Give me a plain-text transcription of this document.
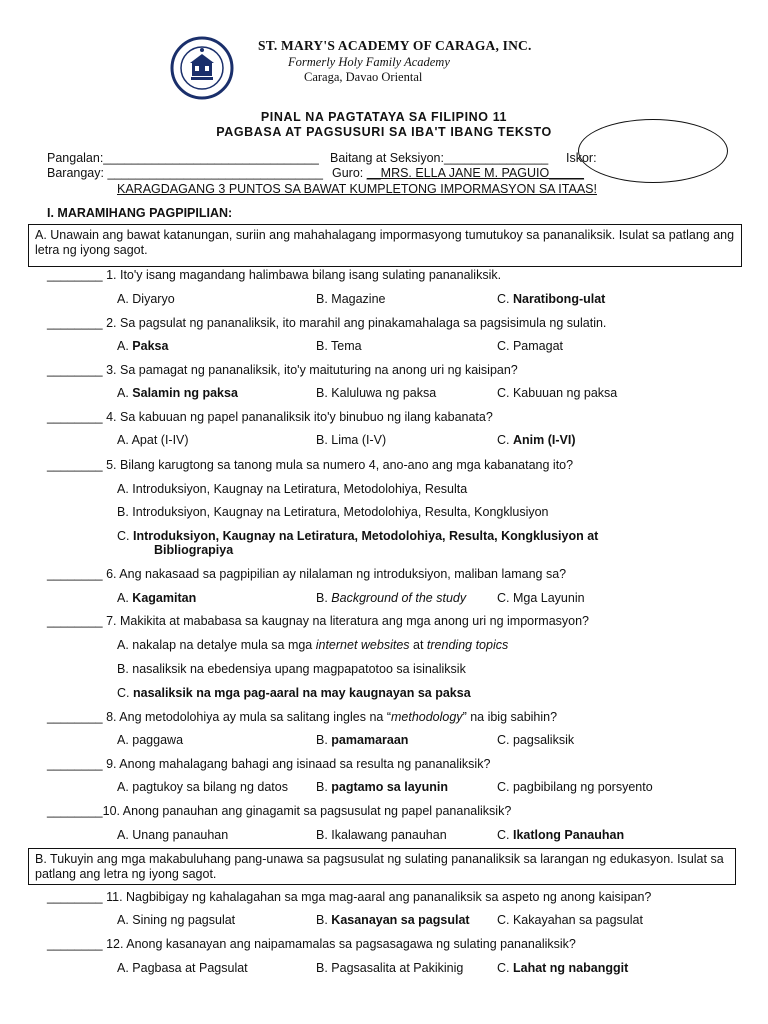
ST. MARY'S ACADEMY OF CARAGA, INC.
Formerly Holy Family Academy
Caraga, Davao Oriental
PINAL NA PAGTATAYA SA FILIPINO 11
PAGBASA AT PAGSUSURI SA IBA'T IBANG TEKSTO
Pangalan:_______________________________ Baitang at Seksiyon:_______________ Iskor:
Barangay: _______________________________ Guro: __MRS. ELLA JANE M. PAGUIO_____
KARAGDAGANG 3 PUNTOS SA BAWAT KUMPLETONG IMPORMASYON SA ITAAS!
I. MARAMIHANG PAGPIPILIAN:
A. Unawain ang bawat katanungan, suriin ang mahahalagang impormasyong tumutukoy sa pananaliksik. Isulat sa patlang ang letra ng iyong sagot.
________ 1. Ito'y isang magandang halimbawa bilang isang sulating pananaliksik.
A. Diyaryo	B. Magazine	C. Naratibong-ulat
________ 2. Sa pagsulat ng pananaliksik, ito marahil ang pinakamahalaga sa pagsisimula ng sulatin.
A. Paksa	B. Tema	C. Pamagat
________ 3. Sa pamagat ng pananaliksik, ito'y maituturing na anong uri ng kaisipan?
A. Salamin ng paksa	B. Kaluluwa ng paksa	C. Kabuuan ng paksa
________ 4. Sa kabuuan ng papel pananaliksik ito'y binubuo ng ilang kabanata?
A. Apat (I-IV)	B. Lima (I-V)	C. Anim (I-VI)
________ 5. Bilang karugtong sa tanong mula sa numero 4, ano-ano ang mga kabanatang ito?
A. Introduksiyon, Kaugnay na Letiratura, Metodolohiya, Resulta
B. Introduksiyon, Kaugnay na Letiratura, Metodolohiya, Resulta, Kongklusiyon
C. Introduksiyon, Kaugnay na Letiratura, Metodolohiya, Resulta, Kongklusiyon at
Bibliograpiya
________ 6. Ang nakasaad sa pagpipilian ay nilalaman ng introduksiyon, maliban lamang sa?
A. Kagamitan	B. Background of the study C. Mga Layunin
________ 7. Makikita at mababasa sa kaugnay na literatura ang mga anong uri ng impormasyon?
A. nakalap na detalye mula sa mga internet websites at trending topics
B. nasaliksik na ebedensiya upang magpapatotoo sa isinaliksik
C. nasaliksik na mga pag-aaral na may kaugnayan sa paksa
________ 8. Ang metodolohiya ay mula sa salitang ingles na “methodology” na ibig sabihin?
A. paggawa	B. pamamaraan	C. pagsaliksik
________ 9. Anong mahalagang bahagi ang isinaad sa resulta ng pananaliksik?
A. pagtukoy sa bilang ng datos B. pagtamo sa layunin	C. pagbibilang ng porsyento
________10. Anong panauhan ang ginagamit sa pagsusulat ng papel pananaliksik?
A. Unang panauhan	B. Ikalawang panauhan	C. Ikatlong Panauhan
B. Tukuyin ang mga makabuluhang pang-unawa sa pagsusulat ng sulating pananaliksik sa larangan ng edukasyon. Isulat sa patlang ang letra ng iyong sagot.
________ 11. Nagbibigay ng kahalagahan sa mga mag-aaral ang pananaliksik sa aspeto ng anong kaisipan?
A. Sining ng pagsulat	B. Kasanayan sa pagsulat C. Kakayahan sa pagsulat
________ 12. Anong kasanayan ang naipamamalas sa pagsasagawa ng sulating pananaliksik?
A. Pagbasa at Pagsulat	B. Pagsasalita at Pakikinig	C. Lahat ng nabanggit
